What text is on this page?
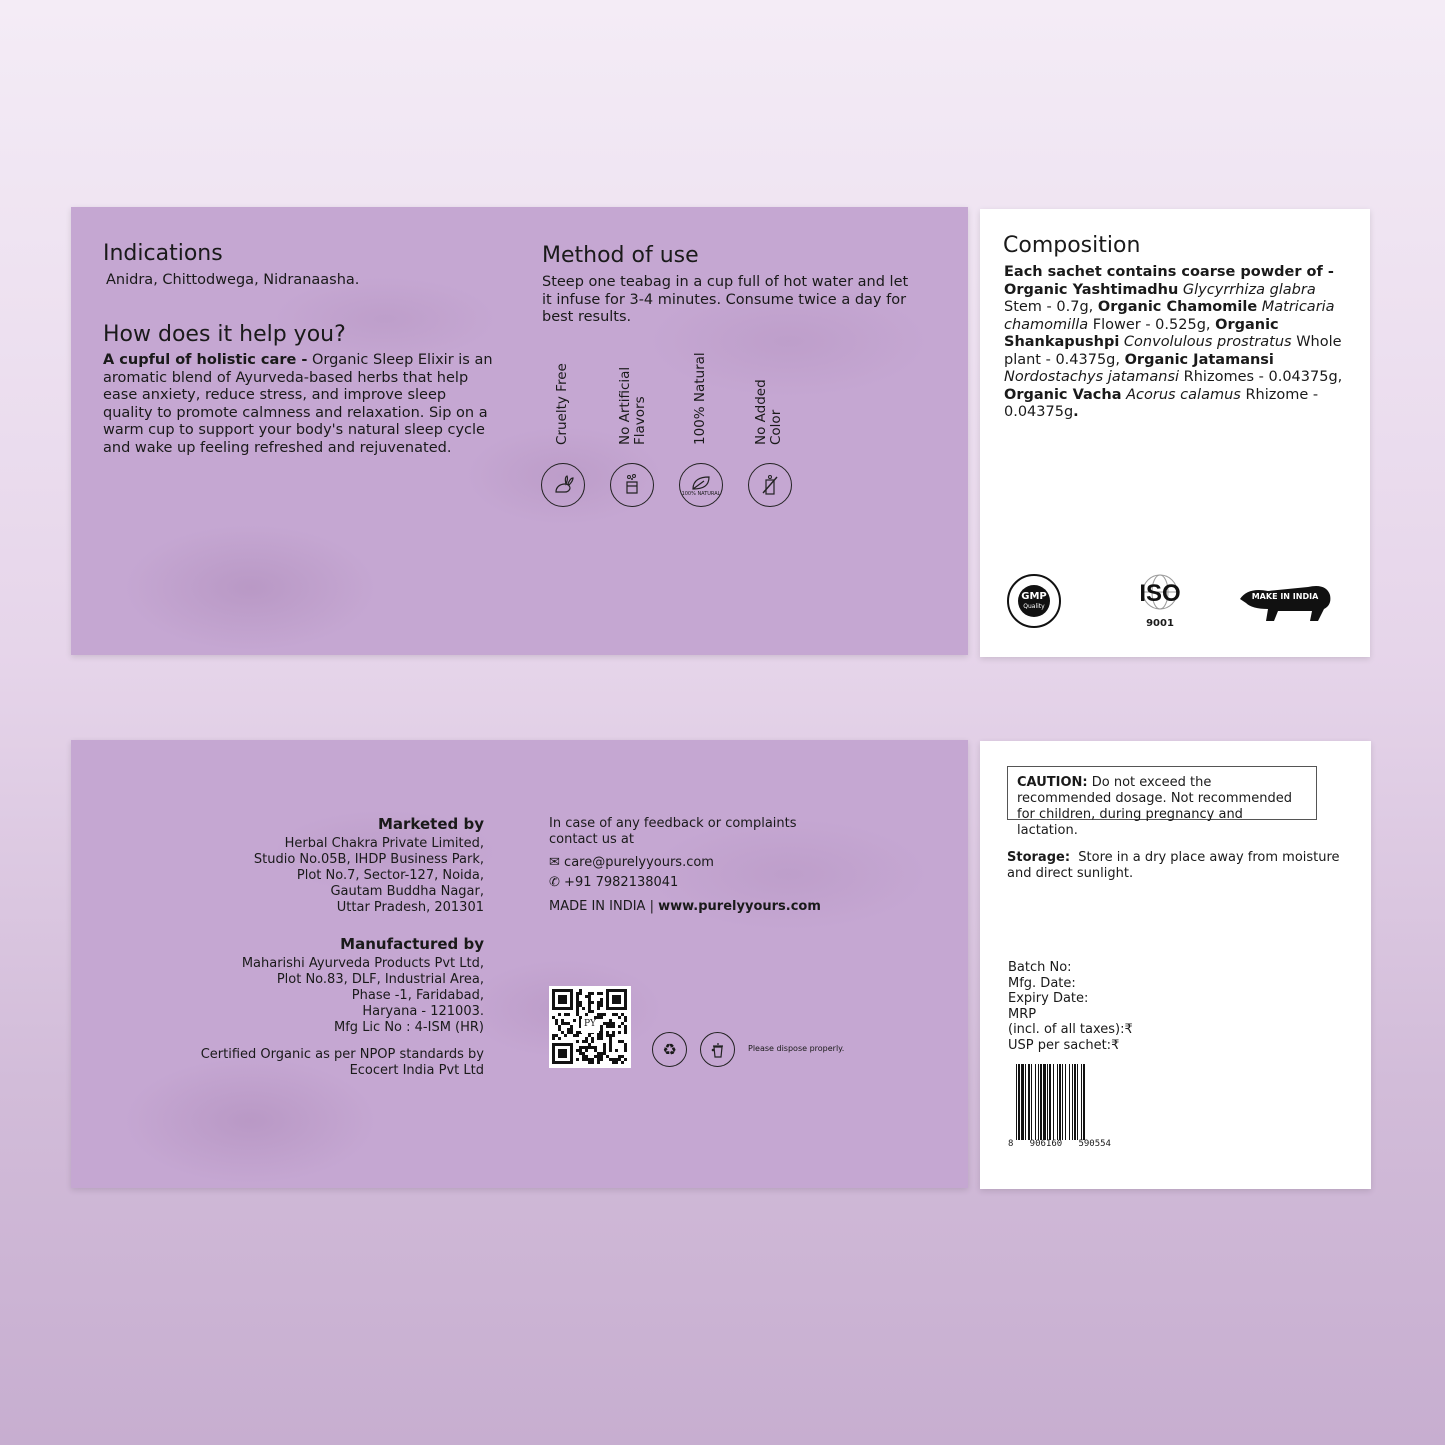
Indications
Anidra, Chittodwega, Nidranaasha.
How does it help you?
A cupful of holistic care - Organic Sleep Elixir is an aromatic blend of Ayurveda-based herbs that help ease anxiety, reduce stress, and improve sleep quality to promote calmness and relaxation. Sip on a warm cup to support your body's natural sleep cycle and wake up feeling refreshed and rejuvenated.
Method of use
Steep one teabag in a cup full of hot water and let it infuse for 3-4 minutes. Consume twice a day for best results.
Cruelty Free	No Artificial
Flavors	100% Natural	No Added
Color
100% NATURAL
Composition
Each sachet contains coarse powder of -
Organic Yashtimadhu Glycyrrhiza glabra Stem - 0.7g, Organic Chamomile Matricaria chamomilla Flower - 0.525g, Organic Shankapushpi Convolulous prostratus Whole plant - 0.4375g, Organic Jatamansi Nordostachys jatamansi Rhizomes - 0.04375g, Organic Vacha Acorus calamus Rhizome - 0.04375g.
GMP
Quality	ISO
9001
MAKE IN INDIA
Marketed by
Herbal Chakra Private Limited,
Studio No.05B, IHDP Business Park,
Plot No.7, Sector-127, Noida,
Gautam Buddha Nagar,
Uttar Pradesh, 201301
Manufactured by
Maharishi Ayurveda Products Pvt Ltd,
Plot No.83, DLF, Industrial Area,
Phase -1, Faridabad,
Haryana - 121003.
Mfg Lic No : 4-ISM (HR)
Certified Organic as per NPOP standards by
Ecocert India Pvt Ltd
In case of any feedback or complaints contact us at
✉ care@purelyyours.com
✆ +91 7982138041
MADE IN INDIA | www.purelyyours.com
PY
♻	Please dispose properly.
CAUTION: Do not exceed the recommended dosage. Not recommended for children, during pregnancy and lactation.
Storage: Store in a dry place away from moisture and direct sunlight.
Batch No:
Mfg. Date:
Expiry Date:
MRP
(incl. of all taxes):₹
USP per sachet:₹
8   906160   590554
